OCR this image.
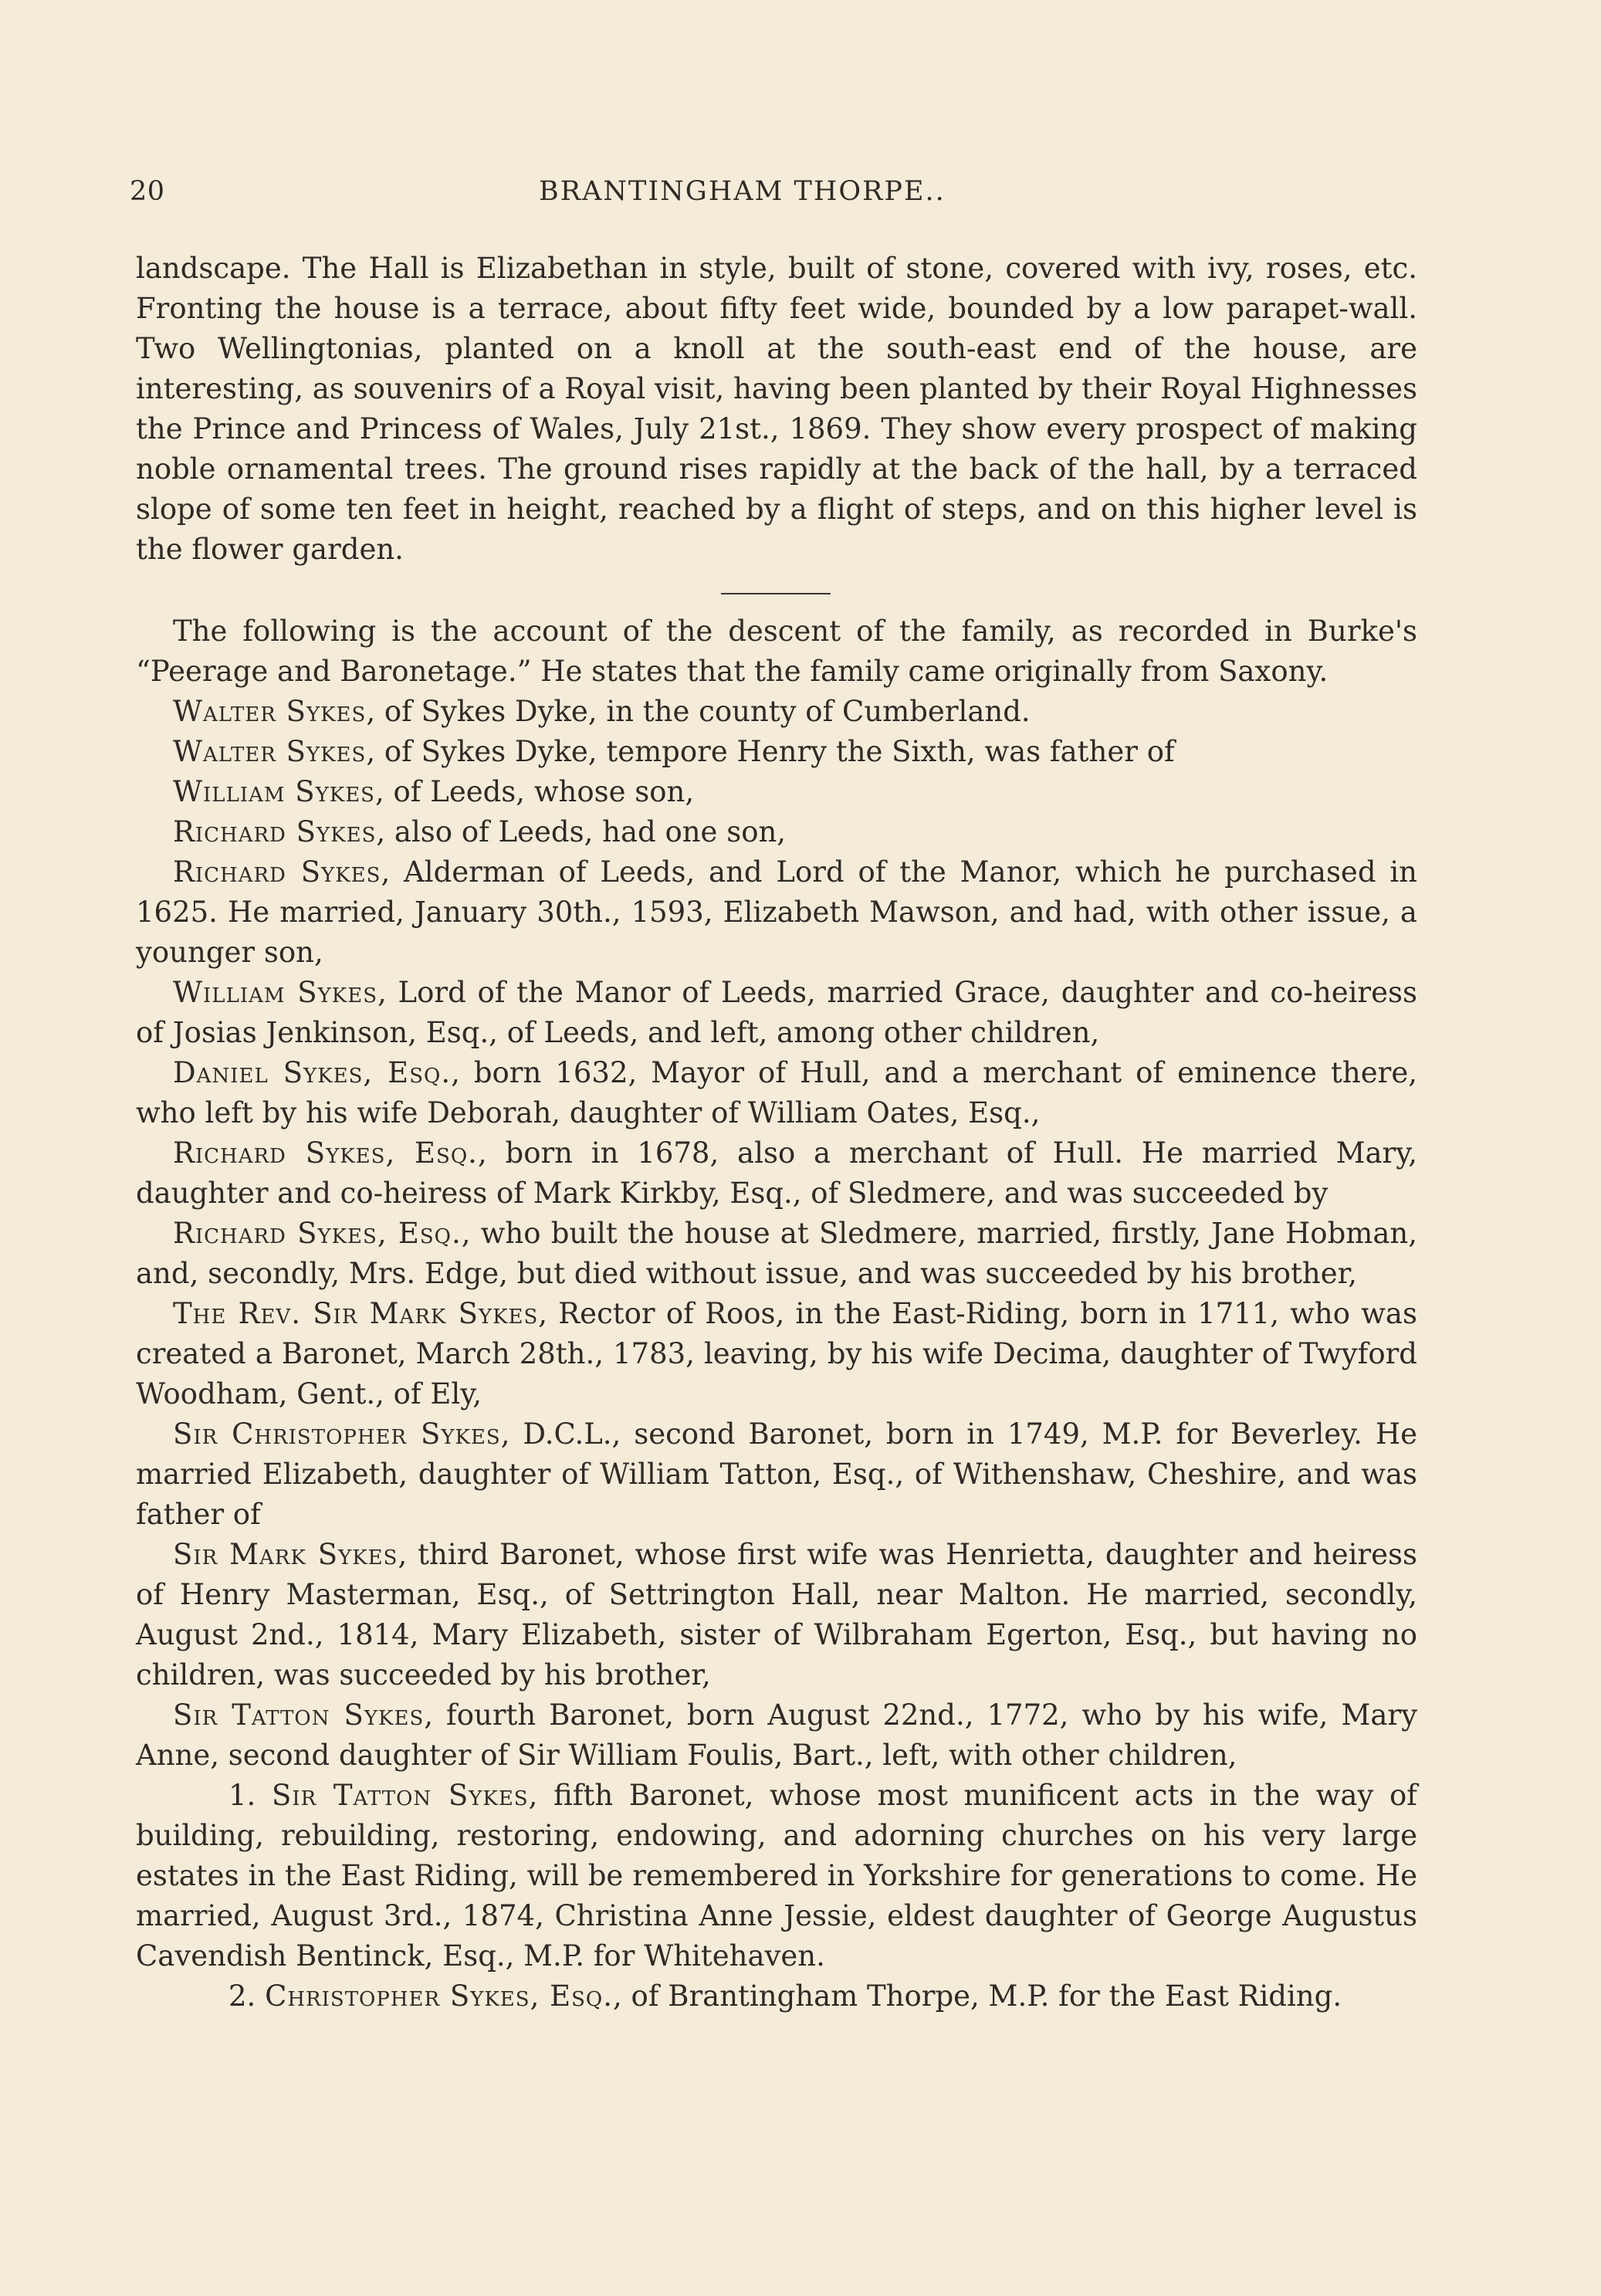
20	BRANTINGHAM THORPE..

landscape. The Hall is Elizabethan in style, built of stone, covered with ivy, roses, etc. Fronting the house is a terrace, about fifty feet wide, bounded by a low parapet-wall. Two Wellingtonias, planted on a knoll at the south-east end of the house, are interesting, as souvenirs of a Royal visit, having been planted by their Royal Highnesses the Prince and Princess of Wales, July 21st., 1869. They show every prospect of making noble ornamental trees. The ground rises rapidly at the back of the hall, by a terraced slope of some ten feet in height, reached by a flight of steps, and on this higher level is the flower garden.

The following is the account of the descent of the family, as recorded in Burke's “Peerage and Baronetage.” He states that the family came originally from Saxony.

Walter Sykes, of Sykes Dyke, in the county of Cumberland.

Walter Sykes, of Sykes Dyke, tempore Henry the Sixth, was father of

William Sykes, of Leeds, whose son,

Richard Sykes, also of Leeds, had one son,

Richard Sykes, Alderman of Leeds, and Lord of the Manor, which he purchased in 1625. He married, January 30th., 1593, Elizabeth Mawson, and had, with other issue, a younger son,

William Sykes, Lord of the Manor of Leeds, married Grace, daughter and co-heiress of Josias Jenkinson, Esq., of Leeds, and left, among other children,

Daniel Sykes, Esq., born 1632, Mayor of Hull, and a merchant of eminence there, who left by his wife Deborah, daughter of William Oates, Esq.,

Richard Sykes, Esq., born in 1678, also a merchant of Hull. He married Mary, daughter and co-heiress of Mark Kirkby, Esq., of Sledmere, and was succeeded by

Richard Sykes, Esq., who built the house at Sledmere, married, firstly, Jane Hobman, and, secondly, Mrs. Edge, but died without issue, and was succeeded by his brother,

The Rev. Sir Mark Sykes, Rector of Roos, in the East-Riding, born in 1711, who was created a Baronet, March 28th., 1783, leaving, by his wife Decima, daughter of Twyford Woodham, Gent., of Ely,

Sir Christopher Sykes, D.C.L., second Baronet, born in 1749, M.P. for Beverley. He married Elizabeth, daughter of William Tatton, Esq., of Withenshaw, Cheshire, and was father of

Sir Mark Sykes, third Baronet, whose first wife was Henrietta, daughter and heiress of Henry Masterman, Esq., of Settrington Hall, near Malton. He married, secondly, August 2nd., 1814, Mary Elizabeth, sister of Wilbraham Egerton, Esq., but having no children, was succeeded by his brother,

Sir Tatton Sykes, fourth Baronet, born August 22nd., 1772, who by his wife, Mary Anne, second daughter of Sir William Foulis, Bart., left, with other children,

1. Sir Tatton Sykes, fifth Baronet, whose most munificent acts in the way of building, rebuilding, restoring, endowing, and adorning churches on his very large estates in the East Riding, will be remembered in Yorkshire for generations to come. He married, August 3rd., 1874, Christina Anne Jessie, eldest daughter of George Augustus Cavendish Bentinck, Esq., M.P. for Whitehaven.

2. Christopher Sykes, Esq., of Brantingham Thorpe, M.P. for the East Riding.
